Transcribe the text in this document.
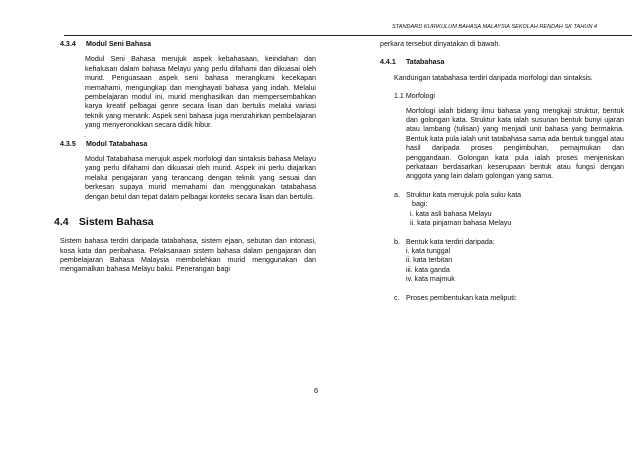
STANDARD KURIKULUM BAHASA MALAYSIA SEKOLAH RENDAH SK TAHUN 4
4.3.4 Modul Seni Bahasa

Modul Seni Bahasa merujuk aspek kebahasaan, keindahan dan kehalusan dalam bahasa Melayu yang perlu difahami dan dikuasai oleh murid. Penguasaan aspek seni bahasa merangkumi kecekapan memahami, mengungkap dan menghayati bahasa yang indah. Melalui pembelajaran modul ini, murid menghasilkan dan mempersembahkan karya kreatif pelbagai genre secara lisan dan bertulis melalui variasi teknik yang menarik. Aspek seni bahasa juga menzahirkan pembelajaran yang menyeronokkan secara didik hibur.

.
4.3.5 Modul Tatabahasa

Modul Tatabahasa merujuk aspek morfologi dan sintaksis bahasa Melayu yang perlu difahami dan dikuasai oleh murid. Aspek ini perlu diajarkan melalui pengajaran yang terancang dengan teknik yang sesuai dan berkesan supaya murid memahami dan menggunakan tatabahasa dengan betul dan tepat dalam pelbagai konteks secara lisan dan bertulis.

4.4 Sistem Bahasa

Sistem bahasa terdiri daripada tatabahasa, sistem ejaan, sebutan dan intonasi, kosa kata dan peribahasa. Pelaksanaan sistem bahasa dalam pengajaran dan pembelajaran Bahasa Malaysia membolehkan murid menggunakan dan mengamalkan bahasa Melayu baku. Penerangan bagi

perkara tersebut dinyatakan di bawah.

4.4.1 Tatabahasa

Kandungan tatabahasa terdiri daripada morfologi dan sintaksis.

1.1 Morfologi

Morfologi ialah bidang ilmu bahasa yang mengkaji struktur, bentuk dan golongan kata. Struktur kata ialah susunan bentuk bunyi ujaran atau lambang (tulisan) yang menjadi unit bahasa yang bermakna. Bentuk kata pula ialah unit tatabahasa sama ada bentuk tunggal atau hasil daripada proses pengimbuhan, pemajmukan dan penggandaan. Golongan kata pula ialah proses menjeniskan perkataan berdasarkan keserupaan bentuk atau fungsi dengan anggota yang lain dalam golongan yang sama.

a. Struktur kata merujuk pola suku kata
bagi:
i. kata asli bahasa Melayu
ii. kata pinjaman bahasa Melayu
b. Bentuk kata terdiri daripada:
i. kata tunggal
ii. kata terbitan
iii. kata ganda
iv. kata majmuk
c. Proses pembentukan kata meliputi:
6
